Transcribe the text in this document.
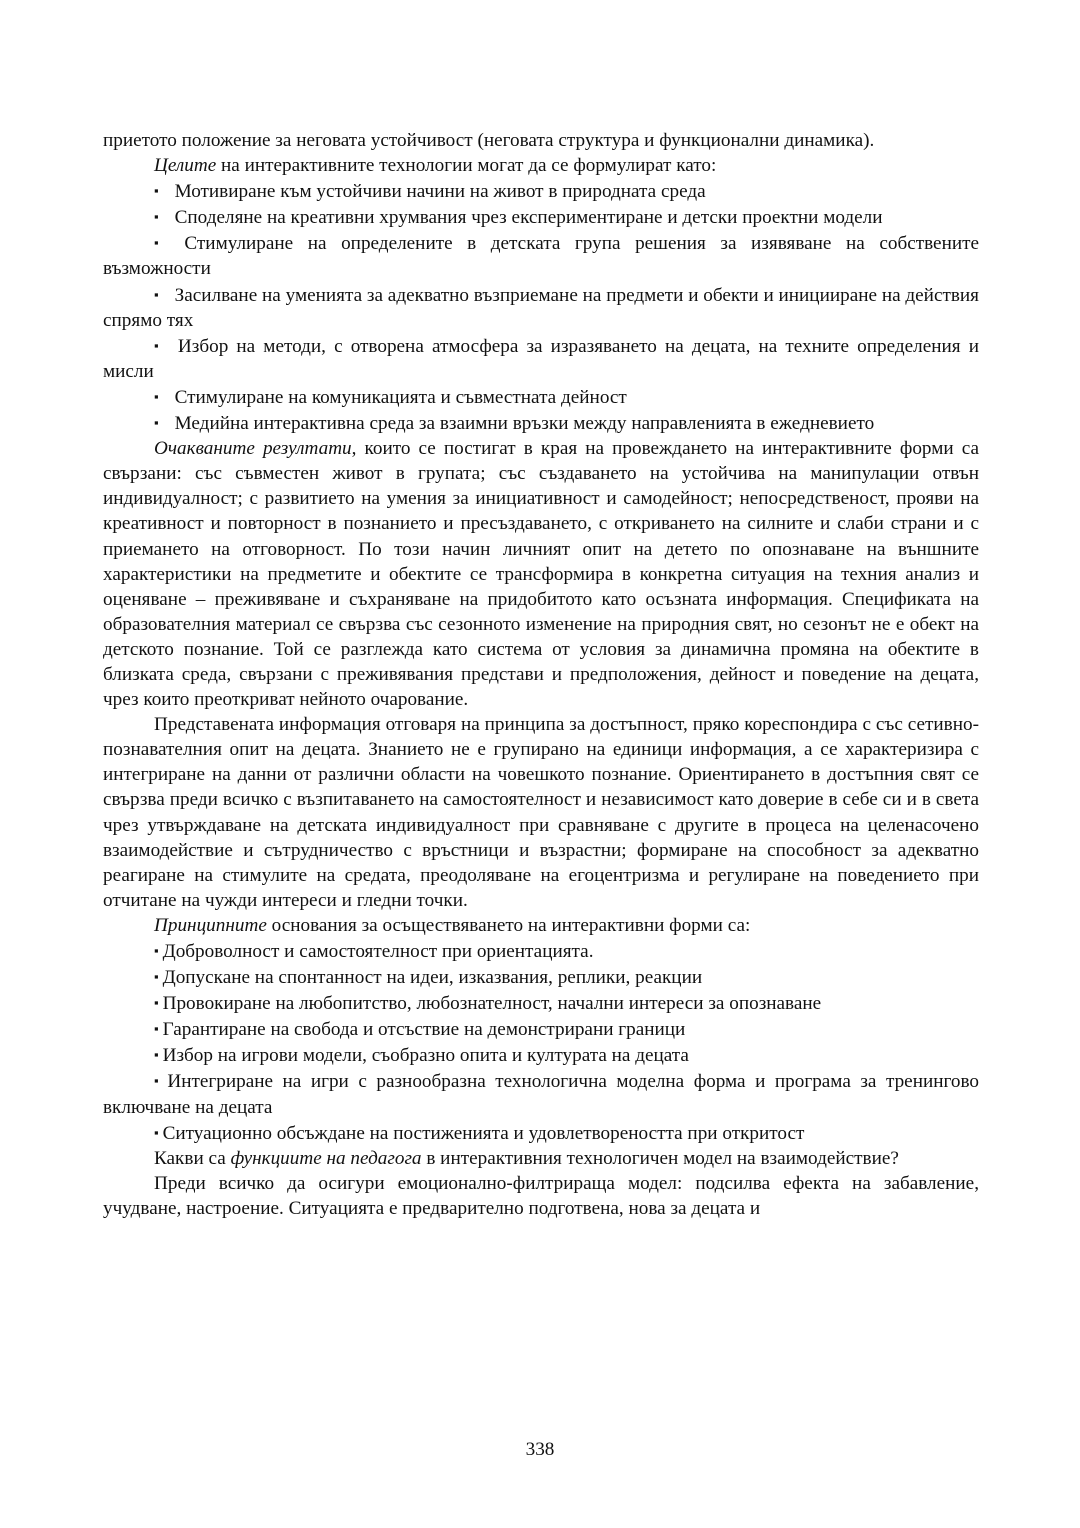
приетото положение за неговата устойчивост (неговата структура и функционални динамика).

Целите на интерактивните технологии могат да се формулират като:

▪ Мотивиране към устойчиви начини на живот в природната среда

▪ Споделяне на креативни хрумвания чрез експериментиране и детски проектни модели

▪ Стимулиране на определените в детската група решения за изявяване на собствените възможности

▪ Засилване на уменията за адекватно възприемане на предмети и обекти и иницииране на действия спрямо тях

▪ Избор на методи, с отворена атмосфера за изразяването на децата, на техните определения и мисли

▪ Стимулиране на комуникацията и съвместната дейност

▪ Медийна интерактивна среда за взаимни връзки между направленията в ежедневието

Очакваните резултати, които се постигат в края на провеждането на интерактивните форми са свързани: със съвместен живот в групата; със създаването на устойчива на манипулации отвън индивидуалност; с развитието на умения за инициативност и самодейност; непосредственост, прояви на креативност и повторност в познанието и пресъздаването, с откриването на силните и слаби страни и с приемането на отговорност. По този начин личният опит на детето по опознаване на външните характеристики на предметите и обектите се трансформира в конкретна ситуация на техния анализ и оценяване – преживяване и съхраняване на придобитото като осъзната информация. Спецификата на образователния материал се свързва със сезонното изменение на природния свят, но сезонът не е обект на детското познание. Той се разглежда като система от условия за динамична промяна на обектите в близката среда, свързани с преживявания представи и предположения, дейност и поведение на децата, чрез които преоткриват нейното очарование.

Представената информация отговаря на принципа за достъпност, пряко кореспондира с със сетивно-познавателния опит на децата. Знанието не е групирано на единици информация, а се характеризира с интегриране на данни от различни области на човешкото познание. Ориентирането в достъпния свят се свързва преди всичко с възпитаването на самостоятелност и независимост като доверие в себе си и в света чрез утвърждаване на детската индивидуалност при сравняване с другите в процеса на целенасочено взаимодействие и сътрудничество с връстници и възрастни; формиране на способност за адекватно реагиране на стимулите на средата, преодоляване на егоцентризма и регулиране на поведението при отчитане на чужди интереси и гледни точки.

Принципните основания за осъществяването на интерактивни форми са:

▪ Доброволност и самостоятелност при ориентацията.

▪ Допускане на спонтанност на идеи, изказвания, реплики, реакции

▪ Провокиране на любопитство, любознателност, начални интереси за опознаване

▪ Гарантиране на свобода и отсъствие на демонстрирани граници

▪ Избор на игрови модели, съобразно опита и културата на децата

▪ Интегриране на игри с разнообразна технологична моделна форма и програма за тренингово включване на децата

▪ Ситуационно обсъждане на постиженията и удовлетвореността при откритост

Какви са функциите на педагога в интерактивния технологичен модел на взаимодействие?

Преди всичко да осигури емоционално-филтрираща модел: подсилва ефекта на забавление, учудване, настроение. Ситуацията е предварително подготвена, нова за децата и

338
